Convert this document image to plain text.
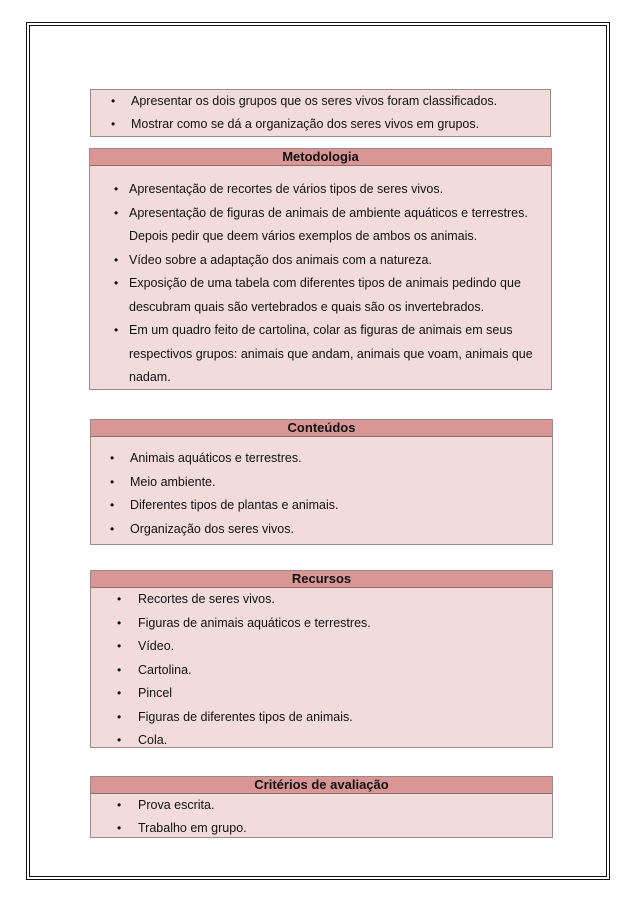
•	Apresentar os dois grupos que os seres vivos foram classificados.
•	Mostrar como se dá a organização dos seres vivos em grupos.
Metodologia
• Apresentação de recortes de vários tipos de seres vivos.
• Apresentação de figuras de animais de ambiente aquáticos e terrestres. Depois pedir que deem vários exemplos de ambos os animais.
• Vídeo sobre a adaptação dos animais com a natureza.
• Exposição de uma tabela com diferentes tipos de animais pedindo que descubram quais são vertebrados e quais são os invertebrados.
• Em um quadro feito de cartolina, colar as figuras de animais em seus respectivos grupos: animais que andam, animais que voam, animais que nadam.
Conteúdos
•	Animais aquáticos e terrestres.
•	Meio ambiente.
•	Diferentes tipos de plantas e animais.
•	Organização dos seres vivos.
Recursos
•	Recortes de seres vivos.
•	Figuras de animais aquáticos e terrestres.
•	Vídeo.
•	Cartolina.
•	Pincel
•	Figuras de diferentes tipos de animais.
•	Cola.
Critérios de avaliação
•	Prova escrita.
•	Trabalho em grupo.
